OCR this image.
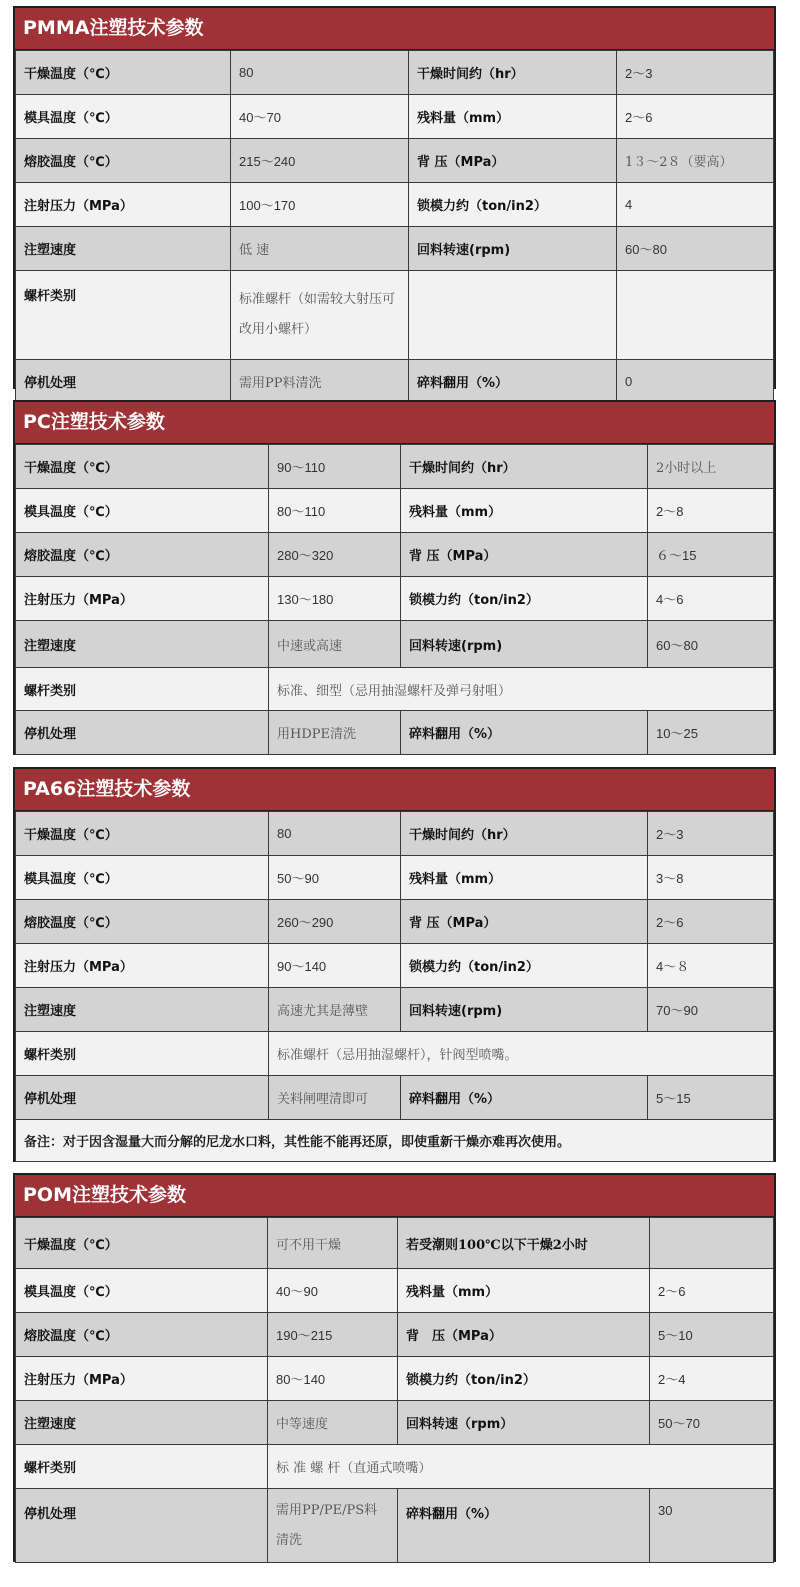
PMMA注塑技术参数
干燥温度（℃）	80	干燥时间约（hr）	2～3
模具温度（℃）	40～70	残料量（mm）	2～6
熔胶温度（℃）	215～240	背 压（MPa）	1３～2８（要高）
注射压力（MPa）	100～170	锁模力约（ton/in2）	4
注塑速度	低 速	回料转速(rpm)	60～80
螺杆类别	标准螺杆（如需较大射压可改用小螺杆）		
停机处理	需用PP料清洗	碎料翻用（%）	0
PC注塑技术参数
干燥温度（℃）	90～110	干燥时间约（hr）	2小时以上
模具温度（℃）	80～110	残料量（mm）	2～8
熔胶温度（℃）	280～320	背 压（MPa）	６～15
注射压力（MPa）	130～180	锁模力约（ton/in2）	4～6
注塑速度	中速或高速	回料转速(rpm)	60～80
螺杆类别	标准、细型（忌用抽湿螺杆及弹弓射咀）		
停机处理	用HDPE清洗	碎料翻用（%）	10～25
PA66注塑技术参数
干燥温度（℃）	80	干燥时间约（hr）	2～3
模具温度（℃）	50～90	残料量（mm）	3～8
熔胶温度（℃）	260～290	背 压（MPa）	2～6
注射压力（MPa）	90～140	锁模力约（ton/in2）	4～８
注塑速度	高速尤其是薄壁	回料转速(rpm)	70～90
螺杆类别	标准螺杆（忌用抽湿螺杆），针阀型喷嘴。		
停机处理	关料闸哩清即可	碎料翻用（%）	5～15
备注：对于因含湿量大而分解的尼龙水口料，其性能不能再还原，即使重新干燥亦难再次使用。			
POM注塑技术参数
干燥温度（℃）	可不用干燥	若受潮则100℃以下干燥2小时	
模具温度（℃）	40～90	残料量（mm）	2～6
熔胶温度（℃）	190～215	背　压（MPa）	5～10
注射压力（MPa）	80～140	锁模力约（ton/in2）	2～4
注塑速度	中等速度	回料转速（rpm）	50～70
螺杆类别	标 准 螺 杆（直通式喷嘴）		
停机处理	需用PP/PE/PS料清洗	碎料翻用（%）	30
